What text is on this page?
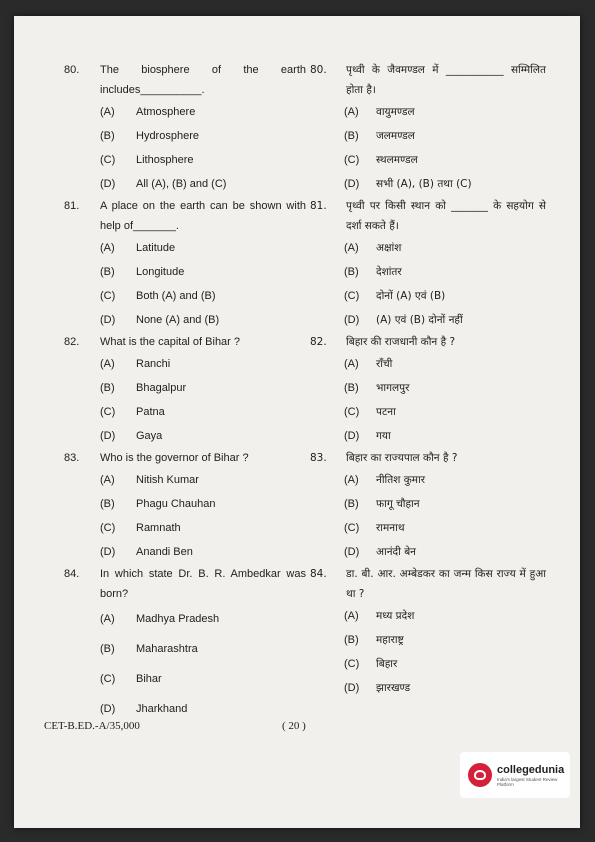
80.	The biosphere of the earth includes__________.
(A)	Atmosphere
(B)	Hydrosphere
(C)	Lithosphere
(D)	All (A), (B) and (C)
81.	A place on the earth can be shown with help of_______.
(A)	Latitude
(B)	Longitude
(C)	Both (A) and (B)
(D)	None (A) and (B)
82.	What is the capital of Bihar ?
(A)	Ranchi
(B)	Bhagalpur
(C)	Patna
(D)	Gaya
83.	Who is the governor of Bihar ?
(A)	Nitish Kumar
(B)	Phagu Chauhan
(C)	Ramnath
(D)	Anandi Ben
84.	In which state Dr. B. R. Ambedkar was born?
(A)	Madhya Pradesh
(B)	Maharashtra
(C)	Bihar
(D)	Jharkhand
80.	पृथ्वी के जैवमण्डल में ___________ सम्मिलित होता है।
(A)	वायुमण्डल
(B)	जलमण्डल
(C)	स्थलमण्डल
(D)	सभी (A), (B) तथा (C)
81.	पृथ्वी पर किसी स्थान को _______ के सहयोग से दर्शा सकते हैं।
(A)	अक्षांश
(B)	देशांतर
(C)	दोनों (A) एवं (B)
(D)	(A) एवं (B) दोनों नहीं
82.	बिहार की राजधानी कौन है ?
(A)	राँची
(B)	भागलपुर
(C)	पटना
(D)	गया
83.	बिहार का राज्यपाल कौन है ?
(A)	नीतिश कुमार
(B)	फागू चौहान
(C)	रामनाथ
(D)	आनंदी बेन
84.	डा. बी. आर. अम्बेडकर का जन्म किस राज्य में हुआ था ?
(A)	मध्य प्रदेश
(B)	महाराष्ट्र
(C)	बिहार
(D)	झारखण्ड
CET-B.ED.-A/35,000	( 20 )
collegedunia
India's largest Student Review Platform
